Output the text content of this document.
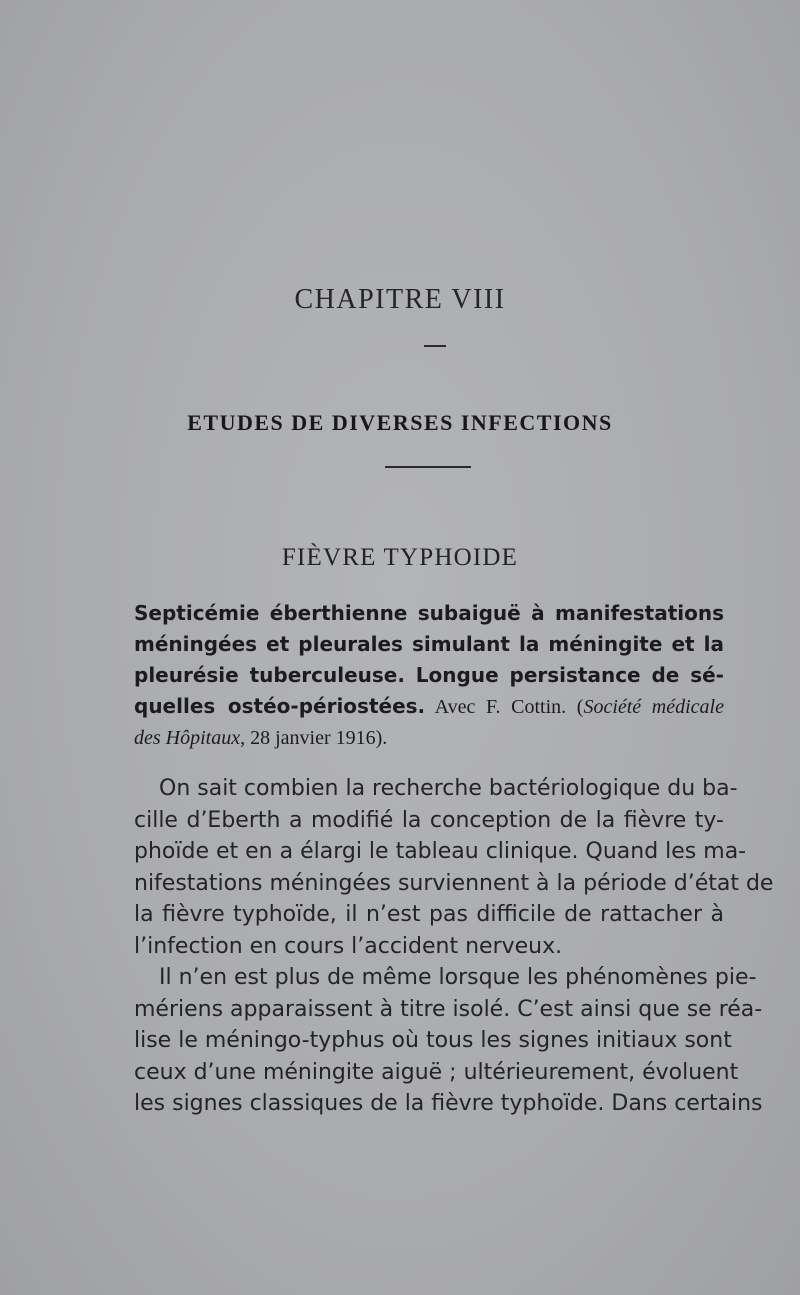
CHAPITRE VIII
ETUDES DE DIVERSES INFECTIONS
FIÈVRE TYPHOIDE
Septicémie éberthienne subaiguë à manifestations
méningées et pleurales simulant la méningite et la
pleurésie tuberculeuse. Longue persistance de sé-
quelles ostéo-périostées. Avec F. Cottin. (Société médicale
des Hôpitaux, 28 janvier 1916).
On sait combien la recherche bactériologique du ba-
cille d’Eberth a modifié la conception de la fièvre ty-
phoïde et en a élargi le tableau clinique. Quand les ma-
nifestations méningées surviennent à la période d’état de
la fièvre typhoïde, il n’est pas difficile de rattacher à
l’infection en cours l’accident nerveux.
Il n’en est plus de même lorsque les phénomènes pie-
mériens apparaissent à titre isolé. C’est ainsi que se réa-
lise le méningo-typhus où tous les signes initiaux sont
ceux d’une méningite aiguë ; ultérieurement, évoluent
les signes classiques de la fièvre typhoïde. Dans certains
